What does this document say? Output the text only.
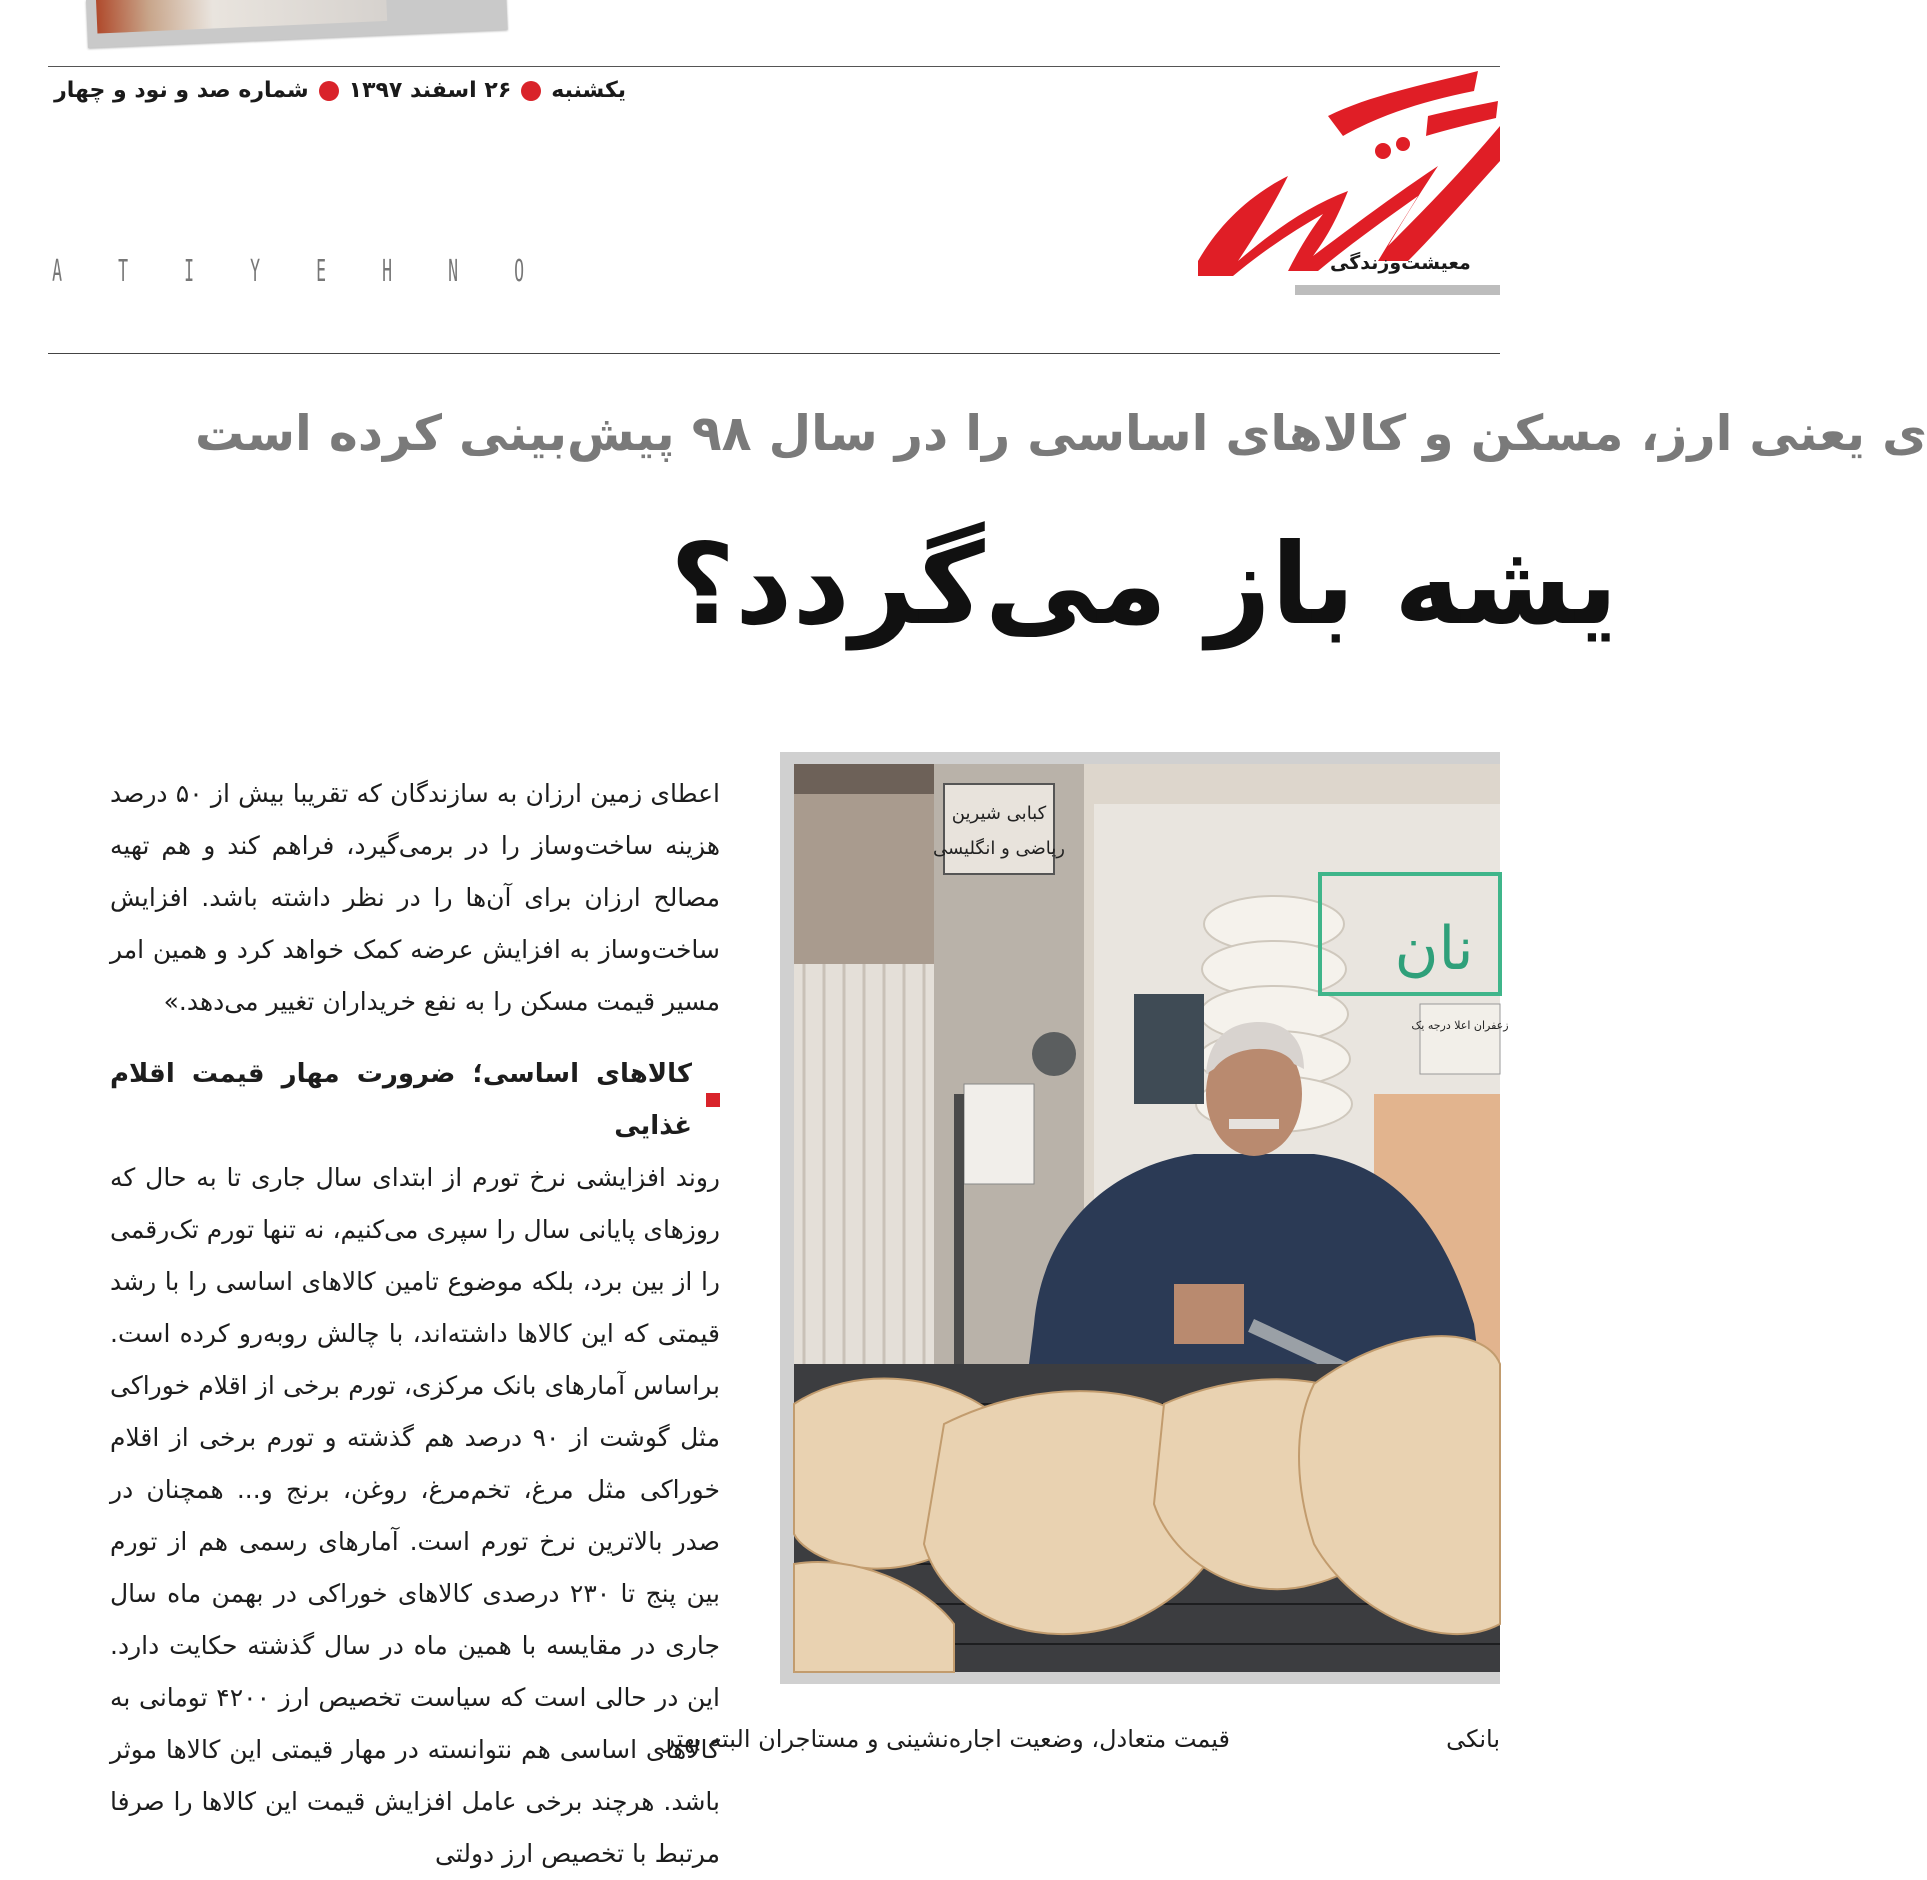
یکشنبه
۲۶ اسفند ۱۳۹۷
شماره صد و نود و چهار
معیشت‌وزندگی
A T I Y E H N O
ی یعنی ارز، مسکن و کالاهای اساسی را در سال ۹۸ پیش‌بینی کرده است
یشه باز می‌گردد؟

اعطای زمین ارزان به سازندگان که تقریبا بیش از ۵۰ درصد هزینه ساخت‌وساز را در برمی‌گیرد، فراهم کند و هم تهیه مصالح ارزان برای آن‌ها را در نظر داشته باشد. افزایش ساخت‌وساز به افزایش عرضه کمک خواهد کرد و همین امر مسیر قیمت مسکن را به نفع خریداران تغییر می‌دهد.»

کالاهای اساسی؛ ضرورت مهار قیمت اقلام غذایی

روند افزایشی نرخ تورم از ابتدای سال جاری تا به حال که روزهای پایانی سال را سپری می‌کنیم، نه تنها تورم تک‌رقمی را از بین برد، بلکه موضوع تامین کالاهای اساسی را با رشد قیمتی که این کالاها داشته‌اند، با چالش روبه‌رو کرده است. براساس آمارهای بانک مرکزی، تورم برخی از اقلام خوراکی مثل گوشت از ۹۰ درصد هم گذشته و تورم برخی از اقلام خوراکی مثل مرغ، تخم‌مرغ، روغن، برنج و... همچنان در صدر بالاترین نرخ تورم است. آمارهای رسمی هم از تورم بین پنج تا ۲۳۰ درصدی کالاهای خوراکی در بهمن ماه سال جاری در مقایسه با همین ماه در سال گذشته حکایت دارد. این در حالی است که سیاست تخصیص ارز ۴۲۰۰ تومانی به کالاهای اساسی هم نتوانسته در مهار قیمتی این کالاها موثر باشد. هرچند برخی عامل افزایش قیمت این کالاها را صرفا مرتبط با تخصیص ارز دولتی

کبابی شیرین
ریاضی و انگلیسی
نان
زعفران اعلا درجه یک
قیمت متعادل، وضعیت اجاره‌نشینی و مستاجران البته بهتر	بانکی
